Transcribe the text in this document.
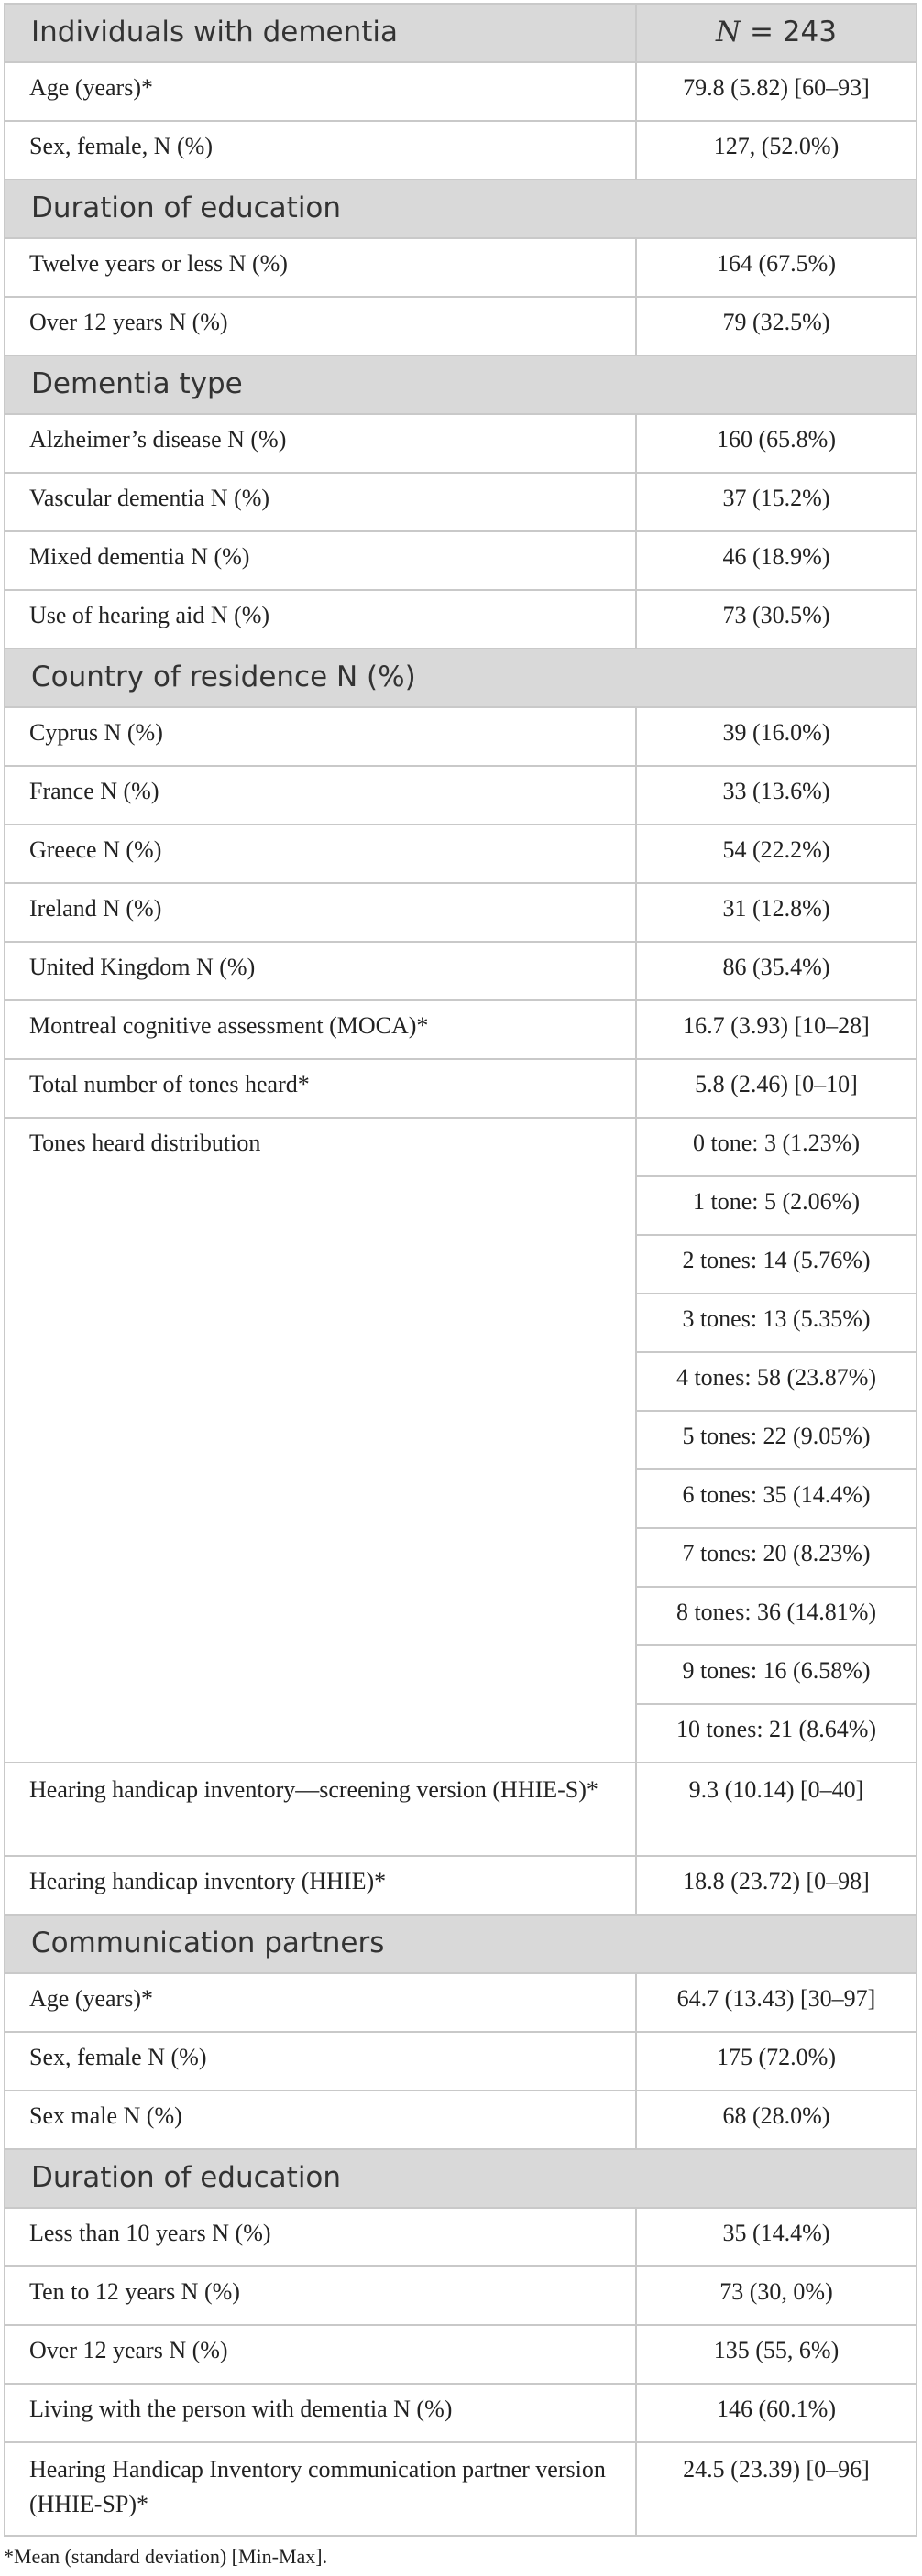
Individuals with dementia	N = 243
Age (years)*	79.8 (5.82) [60–93]
Sex, female, N (%)	127, (52.0%)
Duration of education	
Twelve years or less N (%)	164 (67.5%)
Over 12 years N (%)	79 (32.5%)
Dementia type	
Alzheimer’s disease N (%)	160 (65.8%)
Vascular dementia N (%)	37 (15.2%)
Mixed dementia N (%)	46 (18.9%)
Use of hearing aid N (%)	73 (30.5%)
Country of residence N (%)	
Cyprus N (%)	39 (16.0%)
France N (%)	33 (13.6%)
Greece N (%)	54 (22.2%)
Ireland N (%)	31 (12.8%)
United Kingdom N (%)	86 (35.4%)
Montreal cognitive assessment (MOCA)*	16.7 (3.93) [10–28]
Total number of tones heard*	5.8 (2.46) [0–10]
Tones heard distribution	0 tone: 3 (1.23%)
	1 tone: 5 (2.06%)
	2 tones: 14 (5.76%)
	3 tones: 13 (5.35%)
	4 tones: 58 (23.87%)
	5 tones: 22 (9.05%)
	6 tones: 35 (14.4%)
	7 tones: 20 (8.23%)
	8 tones: 36 (14.81%)
	9 tones: 16 (6.58%)
	10 tones: 21 (8.64%)
Hearing handicap inventory—screening version (HHIE-S)*	9.3 (10.14) [0–40]
Hearing handicap inventory (HHIE)*	18.8 (23.72) [0–98]
Communication partners	
Age (years)*	64.7 (13.43) [30–97]
Sex, female N (%)	175 (72.0%)
Sex male N (%)	68 (28.0%)
Duration of education	
Less than 10 years N (%)	35 (14.4%)
Ten to 12 years N (%)	73 (30, 0%)
Over 12 years N (%)	135 (55, 6%)
Living with the person with dementia N (%)	146 (60.1%)
Hearing Handicap Inventory communication partner version (HHIE-SP)*	24.5 (23.39) [0–96]
*Mean (standard deviation) [Min-Max].
